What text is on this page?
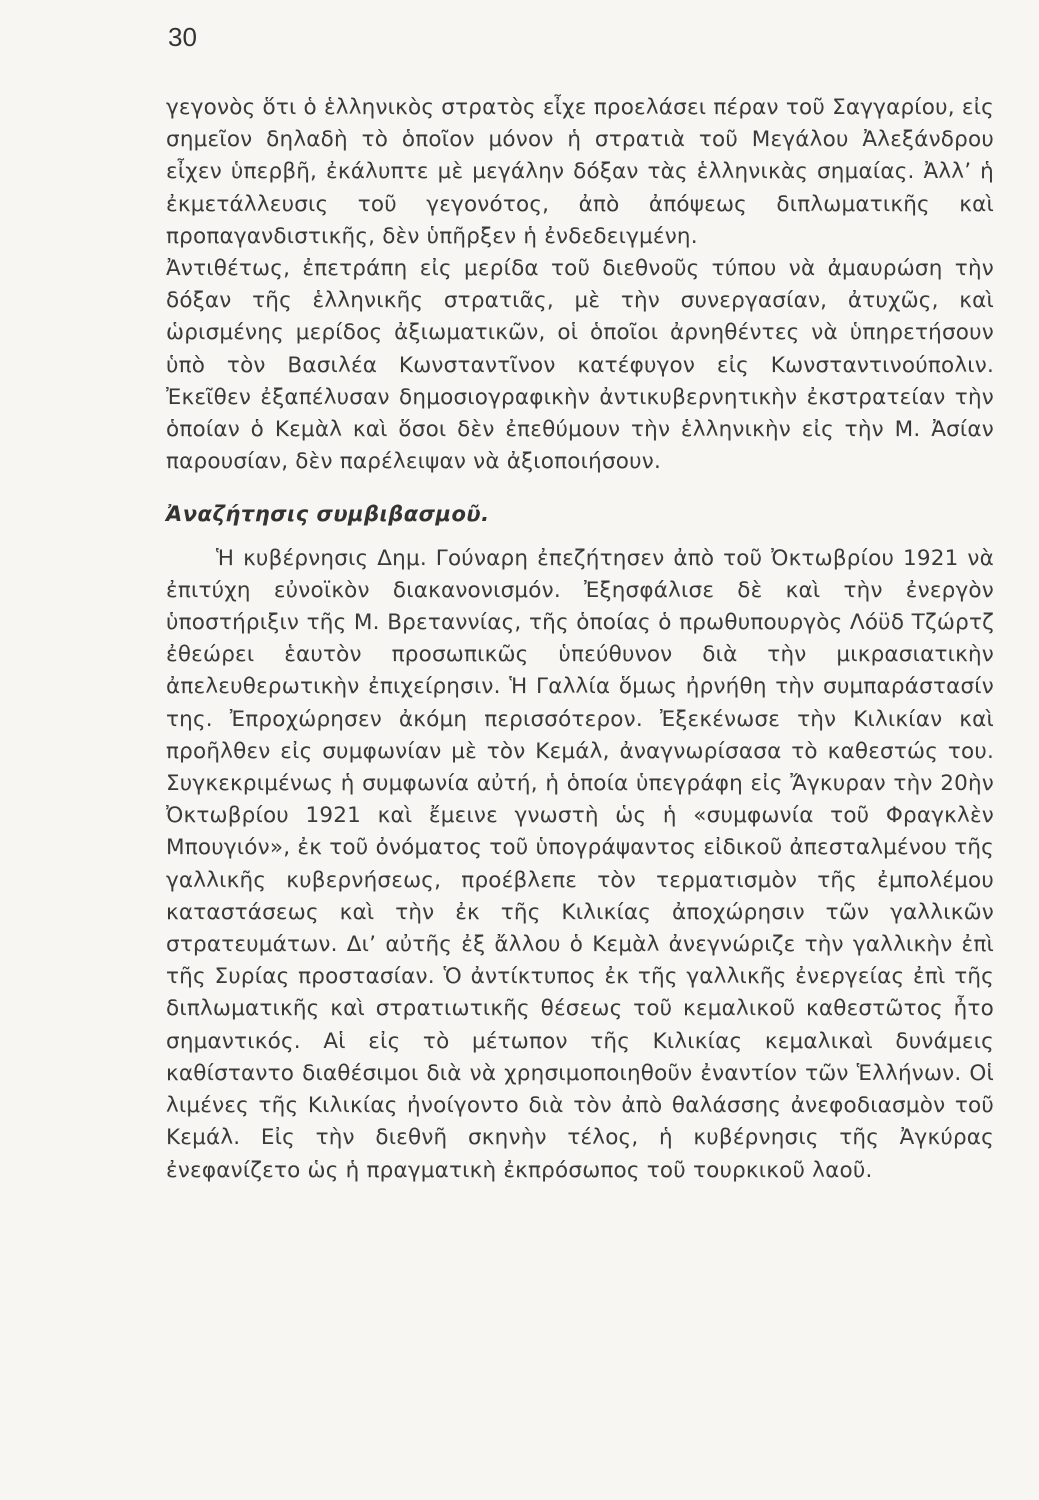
30

γεγονὸς ὅτι ὁ ἑλληνικὸς στρατὸς εἶχε προελάσει πέραν τοῦ Σαγγαρίου, εἰς σημεῖον δηλαδὴ τὸ ὁποῖον μόνον ἡ στρατιὰ τοῦ Μεγάλου Ἀλεξάνδρου εἶχεν ὑπερβῆ, ἐκάλυπτε μὲ μεγάλην δόξαν τὰς ἑλληνικὰς σημαίας. Ἀλλ’ ἡ ἐκμετάλλευσις τοῦ γεγονότος, ἀπὸ ἀπόψεως διπλωματικῆς καὶ προπαγανδιστικῆς, δὲν ὑπῆρξεν ἡ ἐνδεδειγμένη.

Ἀντιθέτως, ἐπετράπη εἰς μερίδα τοῦ διεθνοῦς τύπου νὰ ἀμαυρώση τὴν δόξαν τῆς ἑλληνικῆς στρατιᾶς, μὲ τὴν συνεργασίαν, ἀτυχῶς, καὶ ὡρισμένης μερίδος ἀξιωματικῶν, οἱ ὁποῖοι ἀρνηθέντες νὰ ὑπηρετήσουν ὑπὸ τὸν Βασιλέα Κωνσταντῖνον κατέφυγον εἰς Κωνσταντινούπολιν. Ἐκεῖθεν ἐξαπέλυσαν δημοσιογραφικὴν ἀντικυβερνητικὴν ἐκστρατείαν τὴν ὁποίαν ὁ Κεμὰλ καὶ ὅσοι δὲν ἐπεθύμουν τὴν ἑλληνικὴν εἰς τὴν Μ. Ἀσίαν παρουσίαν, δὲν παρέλειψαν νὰ ἀξιοποιήσουν.

Ἀναζήτησις συμβιβασμοῦ.

Ἡ κυβέρνησις Δημ. Γούναρη ἐπεζήτησεν ἀπὸ τοῦ Ὀκτωβρίου 1921 νὰ ἐπιτύχη εὐνοϊκὸν διακανονισμόν. Ἐξησφάλισε δὲ καὶ τὴν ἐνεργὸν ὑποστήριξιν τῆς Μ. Βρεταννίας, τῆς ὁποίας ὁ πρωθυπουργὸς Λόϋδ Τζώρτζ ἐθεώρει ἑαυτὸν προσωπικῶς ὑπεύθυνον διὰ τὴν μικρασιατικὴν ἀπελευθερωτικὴν ἐπιχείρησιν. Ἡ Γαλλία ὅμως ἠρνήθη τὴν συμπαράστασίν της. Ἐπροχώρησεν ἀκόμη περισσότερον. Ἐξεκένωσε τὴν Κιλικίαν καὶ προῆλθεν εἰς συμφωνίαν μὲ τὸν Κεμάλ, ἀναγνωρίσασα τὸ καθεστώς του. Συγκεκριμένως ἡ συμφωνία αὐτή, ἡ ὁποία ὑπεγράφη εἰς Ἄγκυραν τὴν 20ὴν Ὀκτωβρίου 1921 καὶ ἔμεινε γνωστὴ ὡς ἡ «συμφωνία τοῦ Φραγκλὲν Μπουγιόν», ἐκ τοῦ ὀνόματος τοῦ ὑπογράψαντος εἰδικοῦ ἀπεσταλμένου τῆς γαλλικῆς κυβερνήσεως, προέβλεπε τὸν τερματισμὸν τῆς ἐμπολέμου καταστάσεως καὶ τὴν ἐκ τῆς Κιλικίας ἀποχώρησιν τῶν γαλλικῶν στρατευμάτων. Δι’ αὐτῆς ἐξ ἄλλου ὁ Κεμὰλ ἀνεγνώριζε τὴν γαλλικὴν ἐπὶ τῆς Συρίας προστασίαν. Ὁ ἀντίκτυπος ἐκ τῆς γαλλικῆς ἐνεργείας ἐπὶ τῆς διπλωματικῆς καὶ στρατιωτικῆς θέσεως τοῦ κεμαλικοῦ καθεστῶτος ἦτο σημαντικός. Αἱ εἰς τὸ μέτωπον τῆς Κιλικίας κεμαλικαὶ δυνάμεις καθίσταντο διαθέσιμοι διὰ νὰ χρησιμοποιηθοῦν ἐναντίον τῶν Ἑλλήνων. Οἱ λιμένες τῆς Κιλικίας ἠνοίγοντο διὰ τὸν ἀπὸ θαλάσσης ἀνεφοδιασμὸν τοῦ Κεμάλ. Εἰς τὴν διεθνῆ σκηνὴν τέλος, ἡ κυβέρνησις τῆς Ἀγκύρας ἐνεφανίζετο ὡς ἡ πραγματικὴ ἐκπρόσωπος τοῦ τουρκικοῦ λαοῦ.
